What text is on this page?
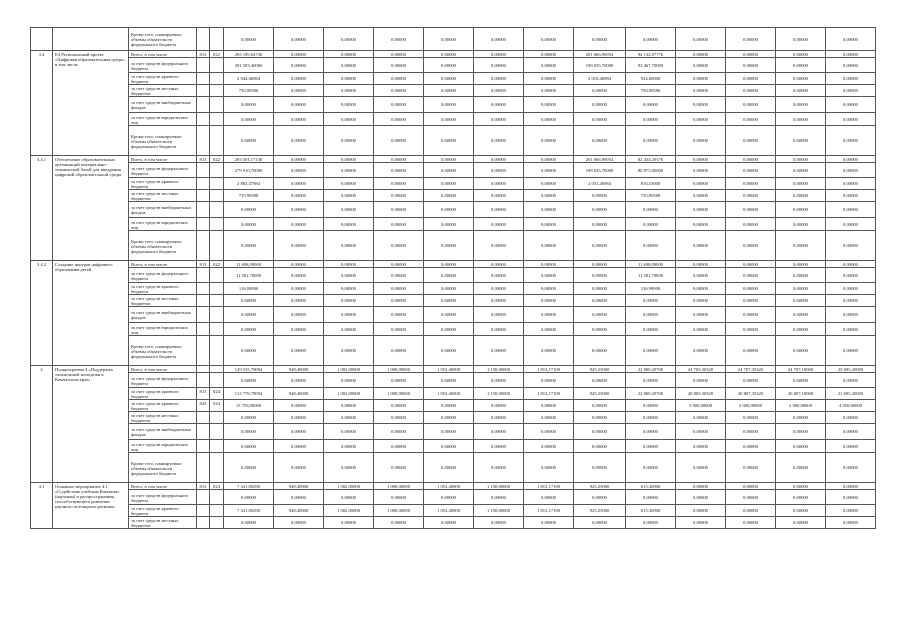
		Кроме того, планируемые объемы обязательств федерального бюджета			0,00000	0,00000	0,00000	0,00000	0,00000	0,00000	0,00000	0,00000	0,00000	0,00000	0,00000	0,00000	0,00000
3.4	Е4 Региональный проект «Цифровая образовательная среда», в том числе	Всего, в том числе	813	022	295 199,04730	0,00000	0,00000	0,00000	0,00000	0,00000	0,00000	201 066,96954	94 132,07776	0,00000	0,00000	0,00000	0,00000
		за счет средств федерального бюджета			291 503,40000	0,00000	0,00000	0,00000	0,00000	0,00000	0,00000	199 035,70000	92 467,70000	0,00000	0,00000	0,00000	0,00000
		за счет средств краевого бюджета			2 944,46984	0,00000	0,00000	0,00000	0,00000	0,00000	0,00000	2 010,46984	934,00000	0,00000	0,00000	0,00000	0,00000
		за счет средств местных бюджетов			750,99586	0,00000	0,00000	0,00000	0,00000	0,00000	0,00000	0,00000	750,99586	0,00000	0,00000	0,00000	0,00000
		за счет средств внебюджетных фондов			0,00000	0,00000	0,00000	0,00000	0,00000	0,00000	0,00000	0,00000	0,00000	0,00000	0,00000	0,00000	0,00000
		за счет средств юридических лиц			0,00000	0,00000	0,00000	0,00000	0,00000	0,00000	0,00000	0,00000	0,00000	0,00000	0,00000	0,00000	0,00000
		Кроме того, планируемые объемы обязательств федерального бюджета			0,00000	0,00000	0,00000	0,00000	0,00000	0,00000	0,00000	0,00000	0,00000	0,00000	0,00000	0,00000	0,00000
3.4.1	Обеспечение образовательных организаций материально-технической базой для внедрения цифровой образовательной среды	Всего, в том числе	813	022	283 501,17130	0,00000	0,00000	0,00000	0,00000	0,00000	0,00000	201 066,96954	82 434,20176	0,00000	0,00000	0,00000	0,00000
		за счет средств федерального бюджета			279 910,70000	0,00000	0,00000	0,00000	0,00000	0,00000	0,00000	199 035,70000	80 875,00000	0,00000	0,00000	0,00000	0,00000
		за счет средств краевого бюджета			2 863,47984	0,00000	0,00000	0,00000	0,00000	0,00000	0,00000	2 031,46984	816,53000	0,00000	0,00000	0,00000	0,00000
		за счет средств местных бюджетов			735,99588	0,00000	0,00000	0,00000	0,00000	0,00000	0,00000	0,00000	735,99588	0,00000	0,00000	0,00000	0,00000
		за счет средств внебюджетных фондов			0,00000	0,00000	0,00000	0,00000	0,00000	0,00000	0,00000	0,00000	0,00000	0,00000	0,00000	0,00000	0,00000
		за счет средств юридических лиц			0,00000	0,00000	0,00000	0,00000	0,00000	0,00000	0,00000	0,00000	0,00000	0,00000	0,00000	0,00000	0,00000
		Кроме того, планируемые объемы обязательств федерального бюджета			0,00000	0,00000	0,00000	0,00000	0,00000	0,00000	0,00000	0,00000	0,00000	0,00000	0,00000	0,00000	0,00000
3.4.2	Создание центров цифрового образования детей	Всего, в том числе	813	022	11 698,09000	0,00000	0,00000	0,00000	0,00000	0,00000	0,00000	0,00000	11 698,09000	0,00000	0,00000	0,00000	0,00000
		за счет средств федерального бюджета			11 581,70000	0,00000	0,00000	0,00000	0,00000	0,00000	0,00000	0,00000	11 581,70000	0,00000	0,00000	0,00000	0,00000
		за счет средств краевого бюджета			116,99000	0,00000	0,00000	0,00000	0,00000	0,00000	0,00000	0,00000	116,99000	0,00000	0,00000	0,00000	0,00000
		за счет средств местных бюджетов			0,00000	0,00000	0,00000	0,00000	0,00000	0,00000	0,00000	0,00000	0,00000	0,00000	0,00000	0,00000	0,00000
		за счет средств внебюджетных фондов			0,00000	0,00000	0,00000	0,00000	0,00000	0,00000	0,00000	0,00000	0,00000	0,00000	0,00000	0,00000	0,00000
		за счет средств юридических лиц			0,00000	0,00000	0,00000	0,00000	0,00000	0,00000	0,00000	0,00000	0,00000	0,00000	0,00000	0,00000	0,00000
		Кроме того, планируемые объемы обязательств федерального бюджета			0,00000	0,00000	0,00000	0,00000	0,00000	0,00000	0,00000	0,00000	0,00000	0,00000	0,00000	0,00000	0,00000
4	Подпрограмма 4 «Поддержка талантливой молодежи в Камчатском крае»	Всего, в том числе			129 535,79094	948,40000	1 002,00000	1 008,00000	1 053,40000	1 150,00000	1 813,17190	945,25000	22 800,29700	24 703,30320	24 707,35320	24 707,10000	25 695,20000
		за счет средств федерального бюджета			0,00000	0,00000	0,00000	0,00000	0,00000	0,00000	0,00000	0,00000	0,00000	0,00000	0,00000	0,00000	0,00000
		за счет средств краевого бюджета	813	024	113 779,79094	948,40000	1 002,00000	1 008,00000	1 053,40000	1 150,00000	1 813,17190	945,25000	22 800,29700	20 803,30320	20 807,35320	20 807,10000	21 695,20000
		за счет средств краевого бюджета	843	024	15 756,00000	0,00000	0,00000	0,00000	0,00000	0,00000	0,00000	0,00000	0,00000	3 900,00000	3 900,00000	3 900,00000	4 056,00000
		за счет средств местных бюджетов			0,00000	0,00000	0,00000	0,00000	0,00000	0,00000	0,00000	0,00000	0,00000	0,00000	0,00000	0,00000	0,00000
		за счет средств внебюджетных фондов			0,00000	0,00000	0,00000	0,00000	0,00000	0,00000	0,00000	0,00000	0,00000	0,00000	0,00000	0,00000	0,00000
		за счет средств юридических лиц			0,00000	0,00000	0,00000	0,00000	0,00000	0,00000	0,00000	0,00000	0,00000	0,00000	0,00000	0,00000	0,00000
		Кроме того, планируемые объемы обязательств федерального бюджета			0,00000	0,00000	0,00000	0,00000	0,00000	0,00000	0,00000	0,00000	0,00000	0,00000	0,00000	0,00000	0,00000
4.1	Основное мероприятие 4.1 «Содействие учебным Камчатки (научным) и распространения, способствующего развитию научного потенциала региона»	Всего, в том числе	813	024	7 341,00290	948,40000	1 002,00000	1 008,00000	1 053,40000	1 150,00000	1 813,17190	925,25000	615,30000	0,00000	0,00000	0,00000	0,00000
		за счет средств федерального бюджета			0,00000	0,00000	0,00000	0,00000	0,00000	0,00000	0,00000	0,00000	0,00000	0,00000	0,00000	0,00000	0,00000
		за счет средств краевого бюджета			7 341,00290	948,40000	1 002,00000	1 008,00000	1 053,40000	1 150,00000	1 813,17190	925,25000	615,30000	0,00000	0,00000	0,00000	0,00000
		за счет средств местных бюджетов			0,00000	0,00000	0,00000	0,00000	0,00000	0,00000	0,00000	0,00000	0,00000	0,00000	0,00000	0,00000	0,00000
